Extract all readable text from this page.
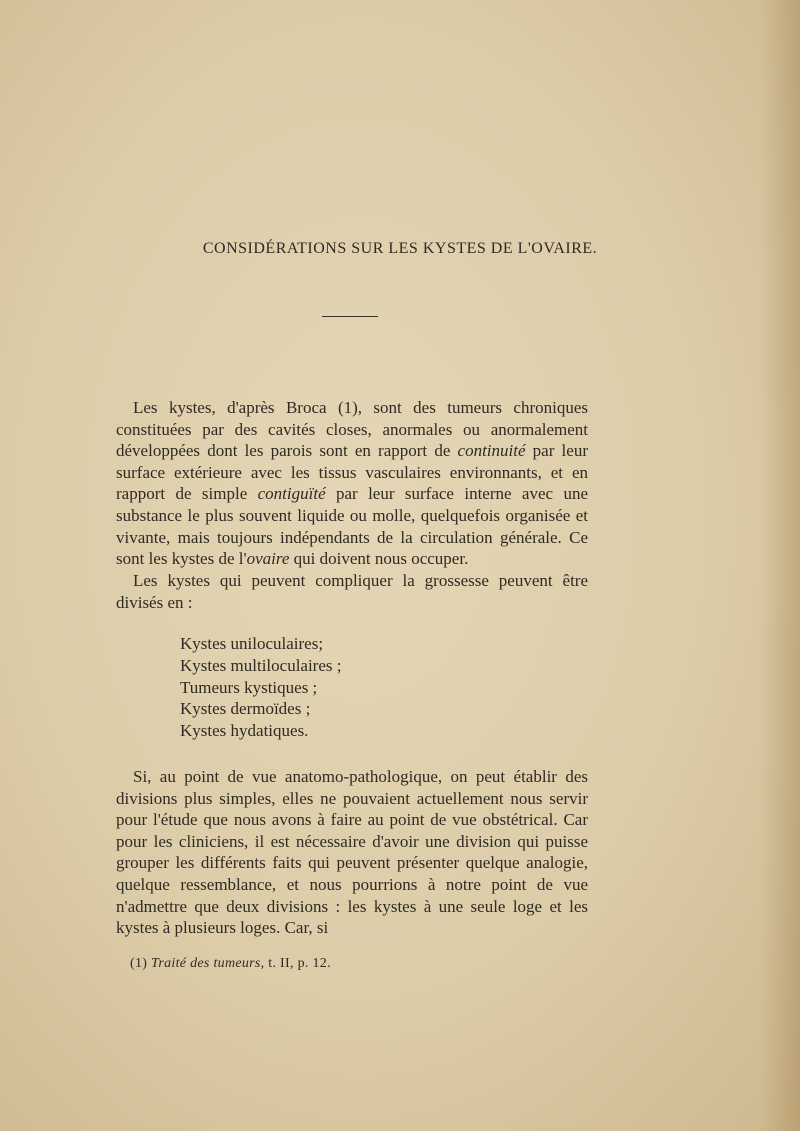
CONSIDÉRATIONS SUR LES KYSTES DE L'OVAIRE.

Les kystes, d'après Broca (1), sont des tumeurs chroniques constituées par des cavités closes, anormales ou anormalement développées dont les parois sont en rapport de continuité par leur surface extérieure avec les tissus vasculaires environnants, et en rapport de simple contiguïté par leur surface interne avec une substance le plus souvent liquide ou molle, quelquefois organisée et vivante, mais toujours indépendants de la circulation générale. Ce sont les kystes de l'ovaire qui doivent nous occuper.

Les kystes qui peuvent compliquer la grossesse peuvent être divisés en :

Kystes uniloculaires;
Kystes multiloculaires ;
Tumeurs kystiques ;
Kystes dermoïdes ;
Kystes hydatiques.

Si, au point de vue anatomo-pathologique, on peut établir des divisions plus simples, elles ne pouvaient actuellement nous servir pour l'étude que nous avons à faire au point de vue obstétrical. Car pour les cliniciens, il est nécessaire d'avoir une division qui puisse grouper les différents faits qui peuvent présenter quelque analogie, quelque ressemblance, et nous pourrions à notre point de vue n'admettre que deux divisions : les kystes à une seule loge et les kystes à plusieurs loges. Car, si

(1) Traité des tumeurs, t. II, p. 12.
